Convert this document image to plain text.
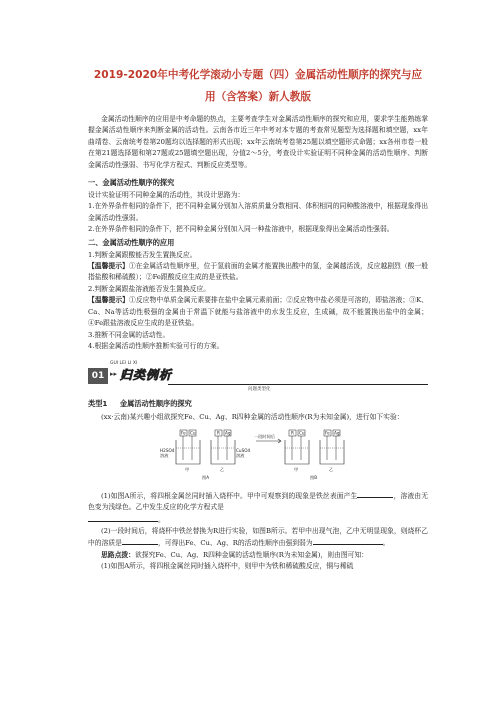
2019-2020年中考化学滚动小专题（四）金属活动性顺序的探究与应
用（含答案）新人教版

金属活动性顺序的应用是中考命题的热点，主要考查学生对金属活动性顺序的探究和应用，要求学生能熟练掌握金属活动性顺序来判断金属的活动性。云南各市近三年中考对本专题的考查常见题型为选择题和填空题，xx年曲靖卷、云南统考卷第20题均以选择题的形式出现；xx年云南统考卷第25题以填空题形式命题；xx各州市卷一般在第21题选择题和第27题或25题填空题出现，分值2～5分，考查设计实验证明不同种金属的活动性顺序、判断金属活动性强弱、书写化学方程式、判断反应类型等。

一、金属活动性顺序的探究

设计实验证明不同种金属的活动性，其设计思路为：

1.在外界条件相同的条件下，把不同种金属分别加入溶质质量分数相同、体积相同的同种酸溶液中，根据现象得出金属活动性强弱。

2.在外界条件相同的条件下，把不同种金属分别加入同一种盐溶液中，根据现象得出金属活动性强弱。

二、金属活动性顺序的应用

1.判断金属跟酸能否发生置换反应。

【温馨提示】①在金属活动性顺序里，位于氢前面的金属才能置换出酸中的氢，金属越活泼，反应越剧烈（酸一般指盐酸和稀硫酸）；②Fe跟酸反应生成的是亚铁盐。

2.判断金属跟盐溶液能否发生置换反应。

【温馨提示】①反应物中单质金属元素要排在盐中金属元素前面；②反应物中盐必须是可溶的，即盐溶液；③K、Ca、Na等活动性极强的金属由于常温下就能与盐溶液中的水发生反应，生成碱，故不能置换出盐中的金属；④Fe跟盐溶液反应生成的是亚铁盐。

3.推断不同金属的活动性。

4.根据金属活动性顺序推断实验可行的方案。

01
GUI LEI LI XI
▸▸ 归类例析
问题类型化
类型1 金属活动性顺序的探究

(xx·云南)某兴趣小组欲探究Fe、Cu、Ag、R四种金属的活动性顺序(R为未知金属)，进行如下实验：

Fe Cu	R Ag
H2SO4
溶液
CuSO4
溶液
甲	乙
图A
一段时间后
R Cu	Fe Ag
甲	乙
图B

(1)如图A所示，将四根金属丝同时插入烧杯中。甲中可观察到的现象是铁丝表面产生	，溶液由无色变为浅绿色。乙中发生反应的化学方程式是

。

(2)一段时间后，将烧杯中铁丝替换为R进行实验，如图B所示。若甲中出现气泡，乙中无明显现象，则烧杯乙中的溶质是	，可得出Fe、Cu、Ag、R的活动性顺序由强到弱为	。

思路点拨：欲探究Fe、Cu、Ag、R四种金属的活动性顺序(R为未知金属)，则由图可知：

(1)如图A所示，将四根金属丝同时插入烧杯中，则甲中为铁和稀硫酸反应，铜与稀硫
